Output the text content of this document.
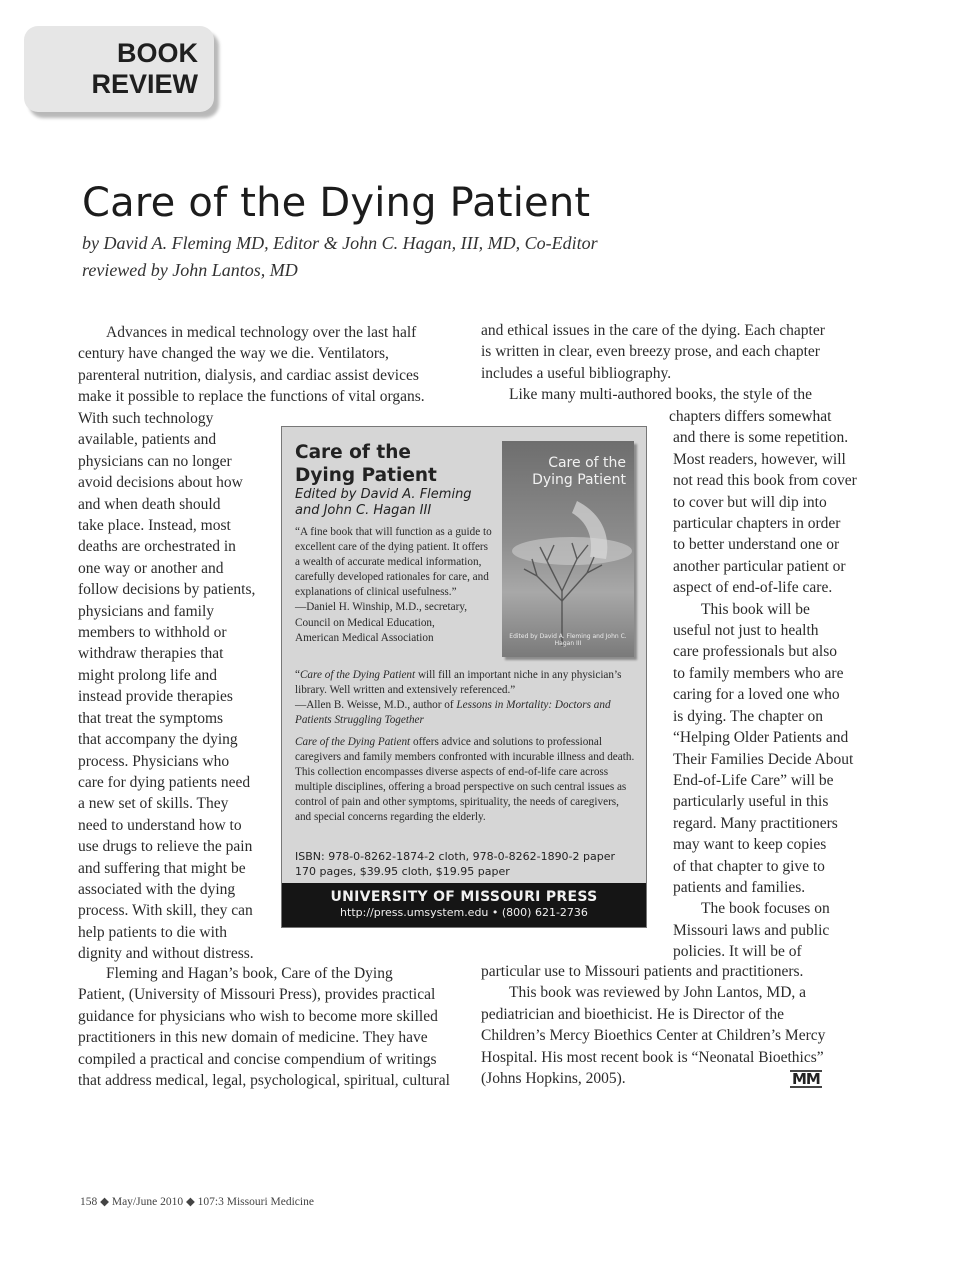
BOOK
REVIEW
Care of the Dying Patient
by David A. Fleming MD, Editor & John C. Hagan, III, MD, Co-Editor
reviewed by John Lantos, MD

Advances in medical technology over the last half

century have changed the way we die. Ventilators,

parenteral nutrition, dialysis, and cardiac assist devices

make it possible to replace the functions of vital organs.

With such technology

available, patients and

physicians can no longer

avoid decisions about how

and when death should

take place. Instead, most

deaths are orchestrated in

one way or another and

follow decisions by patients,

physicians and family

members to withhold or

withdraw therapies that

might prolong life and

instead provide therapies

that treat the symptoms

that accompany the dying

process. Physicians who

care for dying patients need

a new set of skills. They

need to understand how to

use drugs to relieve the pain

and suffering that might be

associated with the dying

process. With skill, they can

help patients to die with

dignity and without distress.

Fleming and Hagan’s book, Care of the Dying

Patient, (University of Missouri Press), provides practical

guidance for physicians who wish to become more skilled

practitioners in this new domain of medicine. They have

compiled a practical and concise compendium of writings

that address medical, legal, psychological, spiritual, cultural

and ethical issues in the care of the dying. Each chapter

is written in clear, even breezy prose, and each chapter

includes a useful bibliography.

Like many multi-authored books, the style of the

chapters differs somewhat

and there is some repetition.

Most readers, however, will

not read this book from cover

to cover but will dip into

particular chapters in order

to better understand one or

another particular patient or

aspect of end-of-life care.

This book will be

useful not just to health

care professionals but also

to family members who are

caring for a loved one who

is dying. The chapter on

“Helping Older Patients and

Their Families Decide About

End-of-Life Care” will be

particularly useful in this

regard. Many practitioners

may want to keep copies

of that chapter to give to

patients and families.

The book focuses on

Missouri laws and public

policies. It will be of

particular use to Missouri patients and practitioners.

This book was reviewed by John Lantos, MD, a

pediatrician and bioethicist. He is Director of the

Children’s Mercy Bioethics Center at Children’s Mercy

Hospital. His most recent book is “Neonatal Bioethics”

(Johns Hopkins, 2005).	MM
Care of the
Dying Patient
Edited by David A. Fleming
and John C. Hagan III
Care of the
Dying Patient
Edited by David A. Fleming and John C. Hagan III
“A fine book that will function as a guide to excellent care of the dying patient. It offers a wealth of accurate medical information, carefully developed rationales for care, and explanations of clinical usefulness.”
—Daniel H. Winship, M.D., secretary,
Council on Medical Education,
American Medical Association
“Care of the Dying Patient will fill an important niche in any physician’s library. Well written and extensively referenced.”
—Allen B. Weisse, M.D., author of Lessons in Mortality: Doctors and Patients Struggling Together
Care of the Dying Patient offers advice and solutions to professional caregivers and family members confronted with incurable illness and death. This collection encompasses diverse aspects of end-of-life care across multiple disciplines, offering a broad perspective on such central issues as control of pain and other symptoms, spirituality, the needs of caregivers, and special concerns regarding the elderly.
ISBN: 978-0-8262-1874-2 cloth, 978-0-8262-1890-2 paper
170 pages, $39.95 cloth, $19.95 paper
UNIVERSITY OF MISSOURI PRESS
http://press.umsystem.edu • (800) 621-2736
158 ◆ May/June 2010 ◆ 107:3 Missouri Medicine
